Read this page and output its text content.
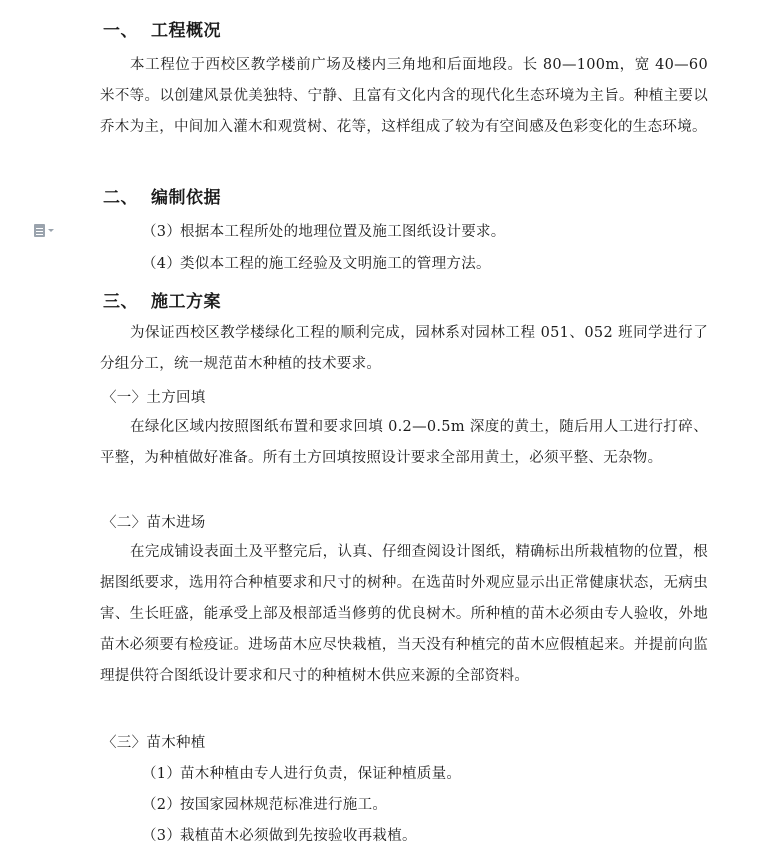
一、 工程概况
本工程位于西校区教学楼前广场及楼内三角地和后面地段。长 80—100m，宽 40—60 米不等。以创建风景优美独特、宁静、且富有文化内含的现代化生态环境为主旨。种植主要以乔木为主，中间加入灌木和观赏树、花等，这样组成了较为有空间感及色彩变化的生态环境。
二、 编制依据
（3）根据本工程所处的地理位置及施工图纸设计要求。
（4）类似本工程的施工经验及文明施工的管理方法。
三、 施工方案
为保证西校区教学楼绿化工程的顺利完成，园林系对园林工程 051、052 班同学进行了分组分工，统一规范苗木种植的技术要求。
〈一〉土方回填
在绿化区域内按照图纸布置和要求回填 0.2—0.5m 深度的黄土，随后用人工进行打碎、平整，为种植做好准备。所有土方回填按照设计要求全部用黄土，必须平整、无杂物。
〈二〉苗木进场
在完成铺设表面土及平整完后，认真、仔细查阅设计图纸，精确标出所栽植物的位置，根据图纸要求，选用符合种植要求和尺寸的树种。在选苗时外观应显示出正常健康状态，无病虫害、生长旺盛，能承受上部及根部适当修剪的优良树木。所种植的苗木必须由专人验收，外地苗木必须要有检疫证。进场苗木应尽快栽植，当天没有种植完的苗木应假植起来。并提前向监理提供符合图纸设计要求和尺寸的种植树木供应来源的全部资料。
〈三〉苗木种植
（1）苗木种植由专人进行负责，保证种植质量。
（2）按国家园林规范标准进行施工。
（3）栽植苗木必须做到先按验收再栽植。
